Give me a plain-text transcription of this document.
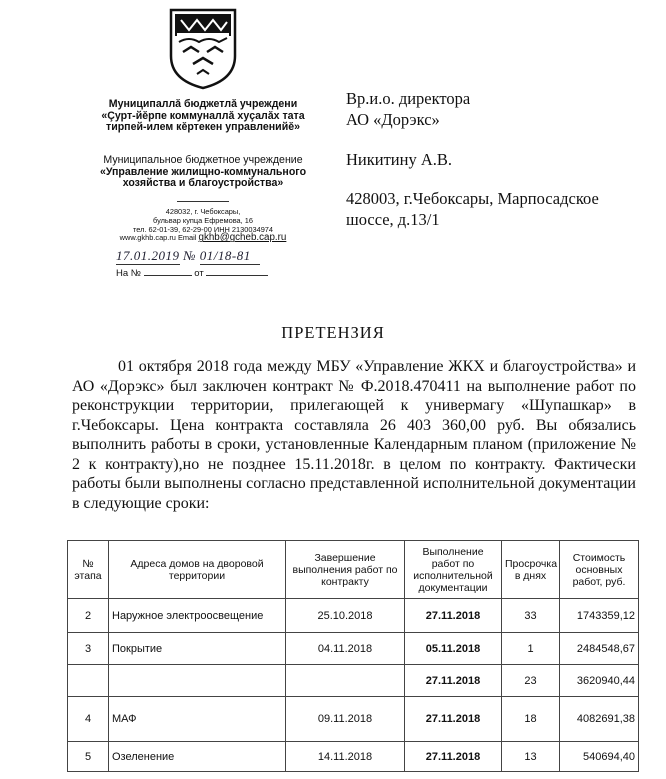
Муниципаллă бюджетлă учреждени «Çурт-йĕрпе коммуналлă хуçалăх тата тирпей-илем кĕртекен управленийĕ»
Муниципальное бюджетное учреждение
«Управление жилищно-коммунального хозяйства и благоустройства»
428032, г. Чебоксары,
бульвар купца Ефремова, 16
тел. 62-01-39, 62-29-00 ИНН 2130034974
www.gkhb.cap.ru Email gkhb@gcheb.cap.ru
17.01.2019 № 01/18-81
На №	от
Вр.и.о. директора
АО «Дорэкс»
Никитину А.В.
428003, г.Чебоксары, Марпосадское
шоссе, д.13/1
ПРЕТЕНЗИЯ
01 октября 2018 года между МБУ «Управление ЖКХ и благоустройства» и АО «Дорэкс» был заключен контракт № Ф.2018.470411 на выполнение работ по реконструкции территории, прилегающей к универмагу «Шупашкар» в г.Чебоксары. Цена контракта составляла 26 403 360,00 руб. Вы обязались выполнить работы в сроки, установленные Календарным планом (приложение № 2 к контракту),но не позднее 15.11.2018г. в целом по контракту. Фактически работы были выполнены согласно представленной исполнительной документации в следующие сроки:
№ этапа	Адреса домов на дворовой территории	Завершение выполнения работ по контракту	Выполнение работ по исполнительной документации	Просрочка в днях	Стоимость основных работ, руб.
2	Наружное электроосвещение	25.10.2018	27.11.2018	33	1743359,12
3	Покрытие	04.11.2018	05.11.2018	1	2484548,67
			27.11.2018	23	3620940,44
4	МАФ	09.11.2018	27.11.2018	18	4082691,38
5	Озеленение	14.11.2018	27.11.2018	13	540694,40
